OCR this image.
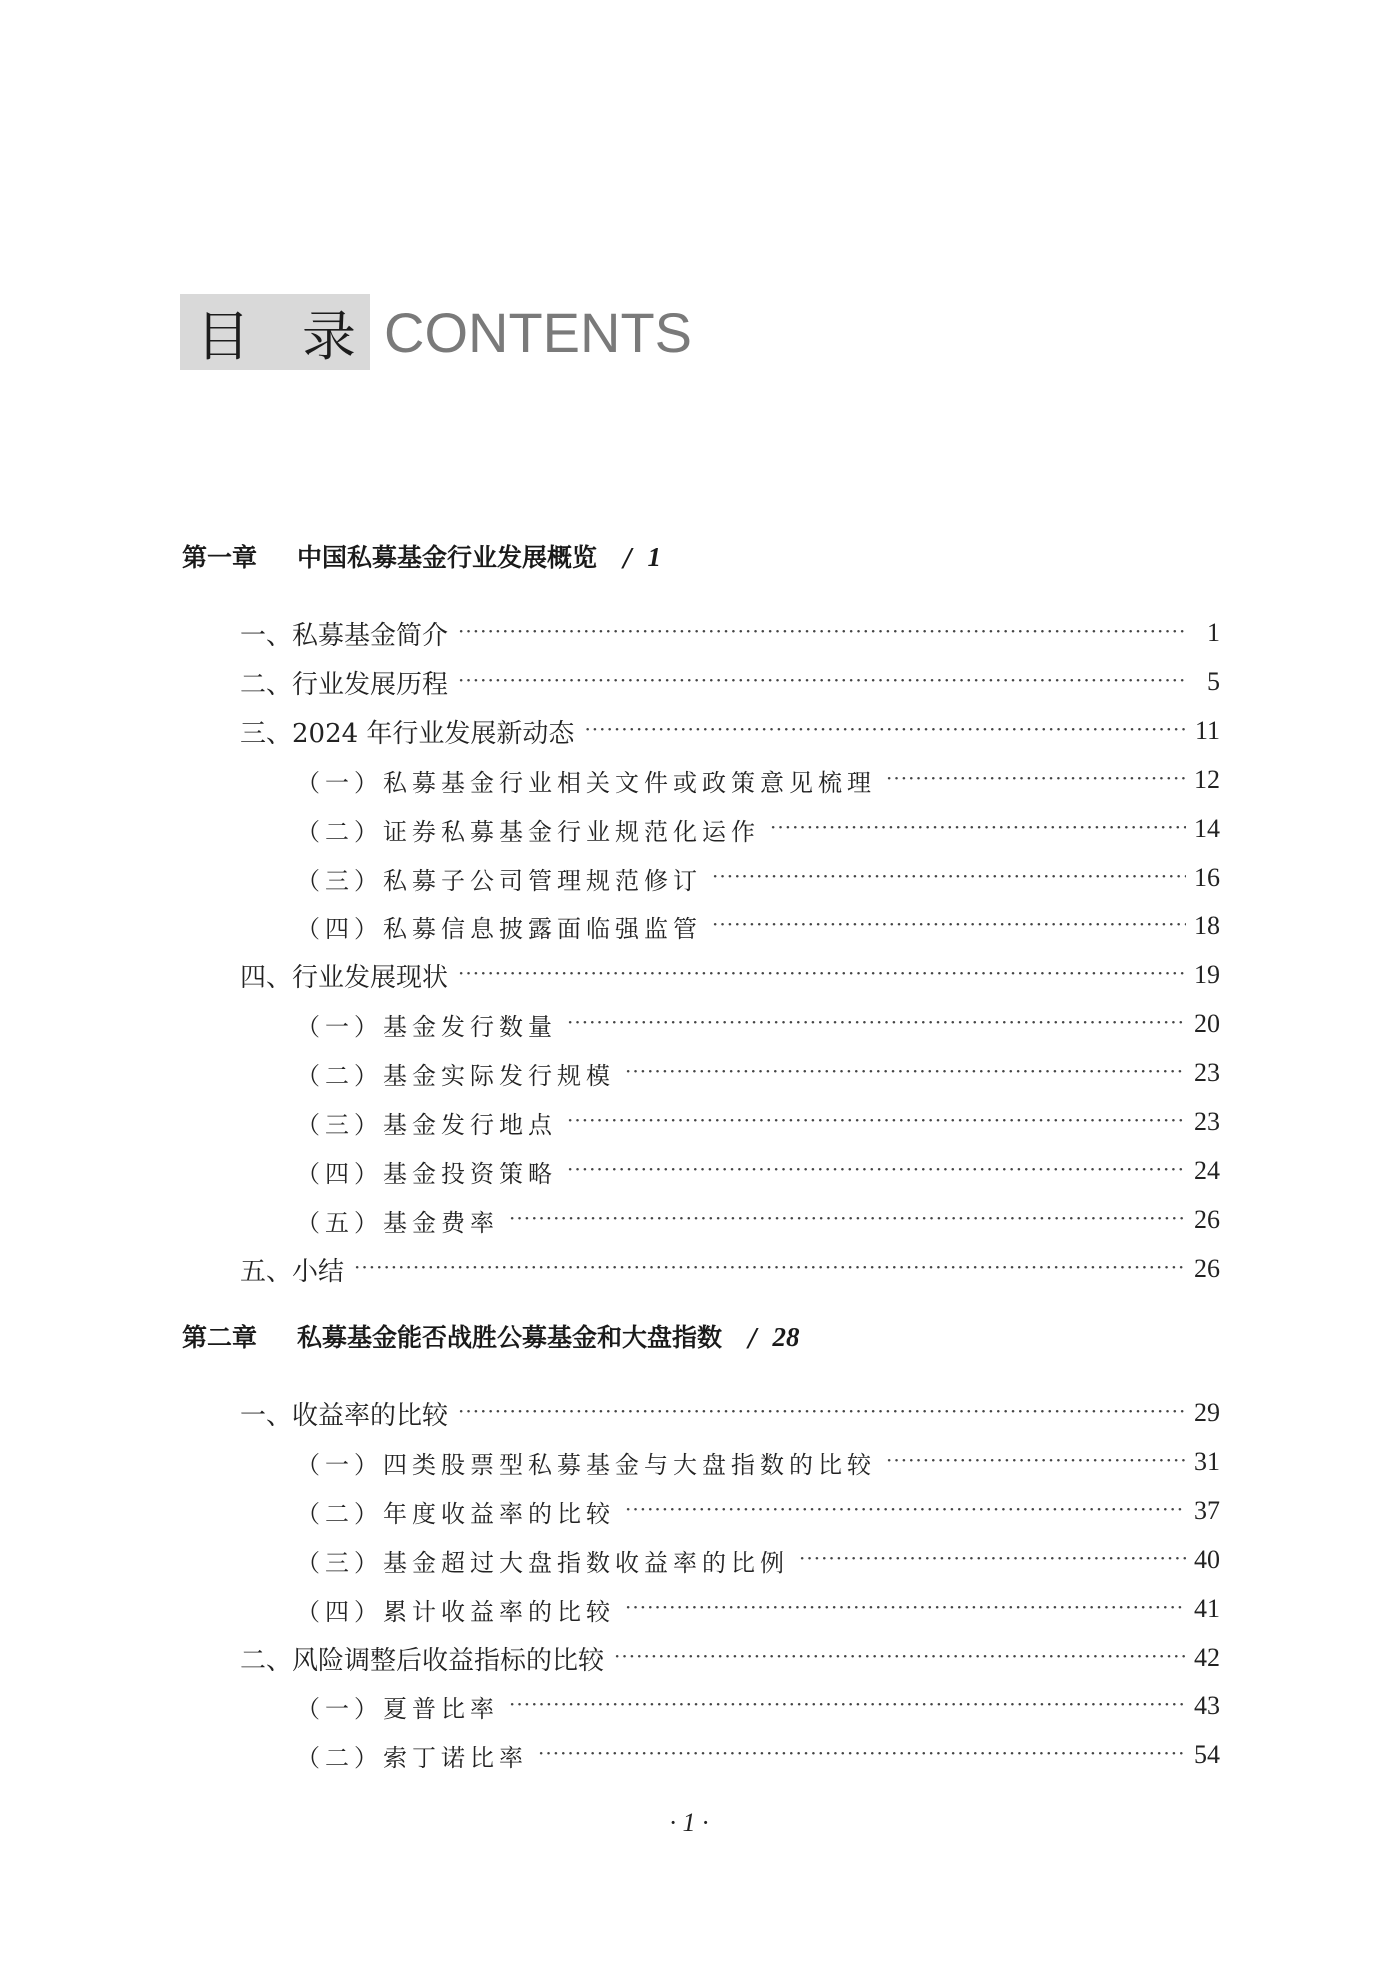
目 录 CONTENTS
第一章 中国私募基金行业发展概览 / 1
一、私募基金简介 ·····	1
二、行业发展历程 ·····	5
三、2024 年行业发展新动态 ·····	11
（一）私募基金行业相关文件或政策意见梳理 ·····	12
（二）证券私募基金行业规范化运作 ·····	14
（三）私募子公司管理规范修订 ·····	16
（四）私募信息披露面临强监管 ·····	18
四、行业发展现状 ·····	19
（一）基金发行数量 ·····	20
（二）基金实际发行规模 ·····	23
（三）基金发行地点 ·····	23
（四）基金投资策略 ·····	24
（五）基金费率 ·····	26
五、小结 ·····	26
第二章 私募基金能否战胜公募基金和大盘指数 / 28
一、收益率的比较 ·····	29
（一）四类股票型私募基金与大盘指数的比较 ·····	31
（二）年度收益率的比较 ·····	37
（三）基金超过大盘指数收益率的比例 ·····	40
（四）累计收益率的比较 ·····	41
二、风险调整后收益指标的比较 ·····	42
（一）夏普比率 ·····	43
（二）索丁诺比率 ·····	54
· 1 ·
